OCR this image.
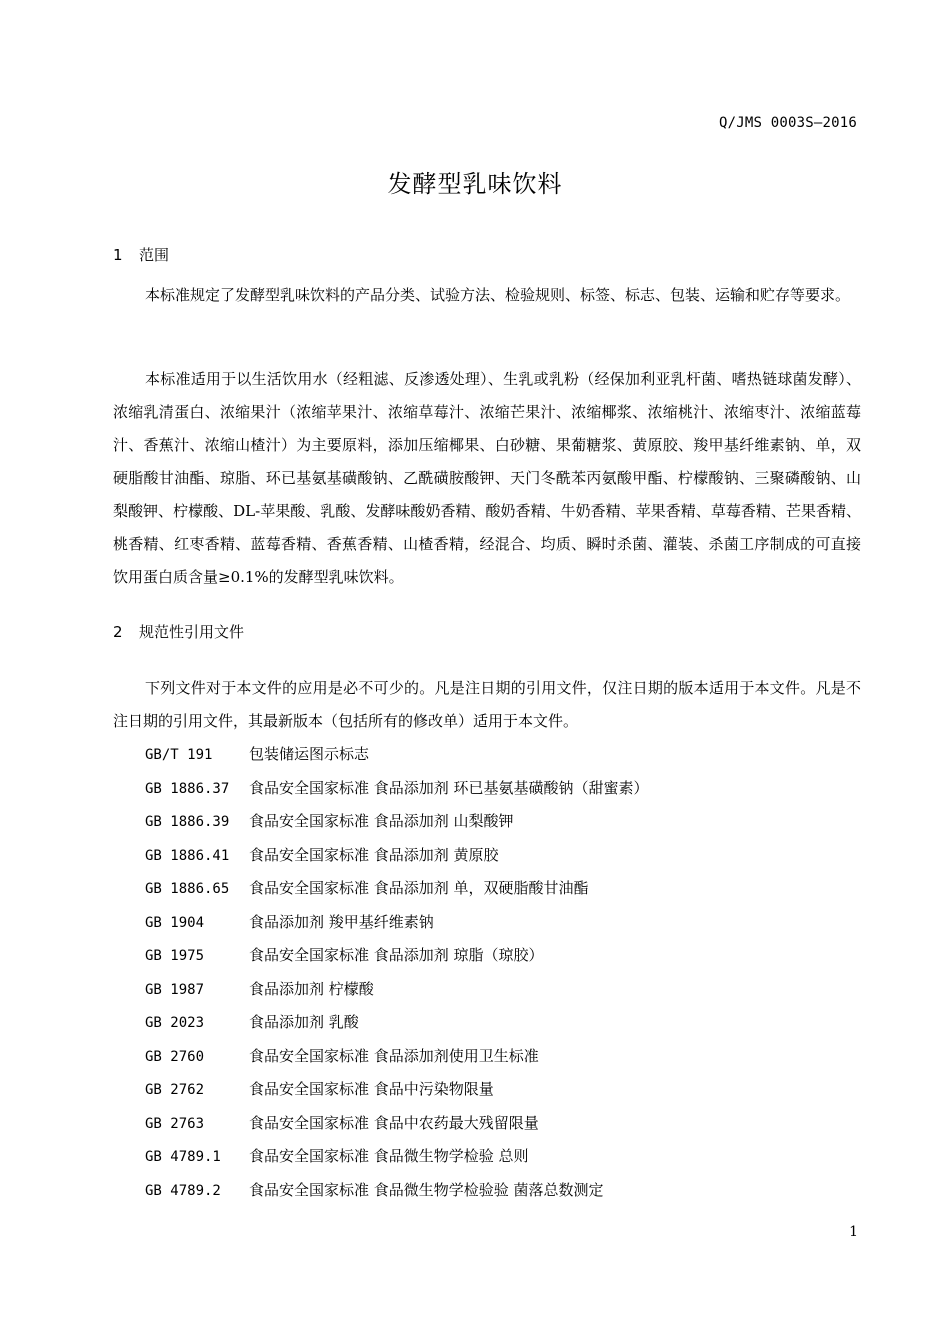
Q/JMS 0003S—2016
发酵型乳味饮料
1 范围

本标准规定了发酵型乳味饮料的产品分类、试验方法、检验规则、标签、标志、包装、运输和贮存等要求。

本标准适用于以生活饮用水（经粗滤、反渗透处理）、生乳或乳粉（经保加利亚乳杆菌、嗜热链球菌发酵）、浓缩乳清蛋白、浓缩果汁（浓缩苹果汁、浓缩草莓汁、浓缩芒果汁、浓缩椰浆、浓缩桃汁、浓缩枣汁、浓缩蓝莓汁、香蕉汁、浓缩山楂汁）为主要原料，添加压缩椰果、白砂糖、果葡糖浆、黄原胶、羧甲基纤维素钠、单，双硬脂酸甘油酯、琼脂、环已基氨基磺酸钠、乙酰磺胺酸钾、天门冬酰苯丙氨酸甲酯、柠檬酸钠、三聚磷酸钠、山梨酸钾、柠檬酸、DL-苹果酸、乳酸、发酵味酸奶香精、酸奶香精、牛奶香精、苹果香精、草莓香精、芒果香精、桃香精、红枣香精、蓝莓香精、香蕉香精、山楂香精，经混合、均质、瞬时杀菌、灌装、杀菌工序制成的可直接饮用蛋白质含量≥0.1%的发酵型乳味饮料。

2 规范性引用文件

下列文件对于本文件的应用是必不可少的。凡是注日期的引用文件，仅注日期的版本适用于本文件。凡是不注日期的引用文件，其最新版本（包括所有的修改单）适用于本文件。

GB/T 191 包装储运图示标志
GB 1886.37 食品安全国家标准 食品添加剂 环已基氨基磺酸钠（甜蜜素）
GB 1886.39 食品安全国家标准 食品添加剂 山梨酸钾
GB 1886.41 食品安全国家标准 食品添加剂 黄原胶
GB 1886.65 食品安全国家标准 食品添加剂 单，双硬脂酸甘油酯
GB 1904	食品添加剂 羧甲基纤维素钠
GB 1975	食品安全国家标准 食品添加剂 琼脂（琼胶）
GB 1987	食品添加剂 柠檬酸
GB 2023	食品添加剂 乳酸
GB 2760	食品安全国家标准 食品添加剂使用卫生标准
GB 2762	食品安全国家标准 食品中污染物限量
GB 2763	食品安全国家标准 食品中农药最大残留限量
GB 4789.1 食品安全国家标准 食品微生物学检验 总则
GB 4789.2 食品安全国家标准 食品微生物学检验验 菌落总数测定
1
